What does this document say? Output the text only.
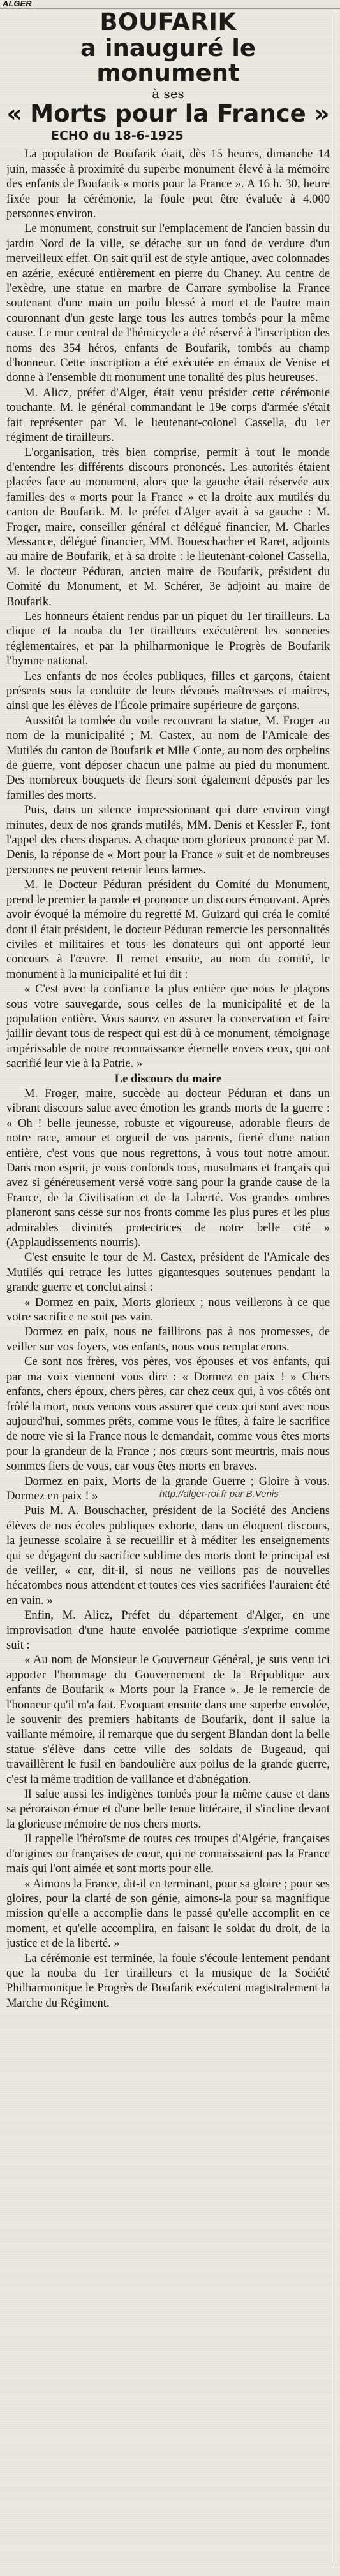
ALGER
BOUFARIK
a inauguré le monument
à ses
« Morts pour la France »
ECHO du 18-6-1925

La population de Boufarik était, dès 15 heures, dimanche 14 juin, massée à proximité du superbe monument élevé à la mémoire des enfants de Boufarik « morts pour la France ». A 16 h. 30, heure fixée pour la cérémonie, la foule peut être évaluée à 4.000 personnes environ.

Le monument, construit sur l'emplacement de l'ancien bassin du jardin Nord de la ville, se détache sur un fond de verdure d'un merveilleux effet. On sait qu'il est de style antique, avec colonnades en azérie, exécuté entièrement en pierre du Chaney. Au centre de l'exèdre, une statue en marbre de Carrare symbolise la France soutenant d'une main un poilu blessé à mort et de l'autre main couronnant d'un geste large tous les autres tombés pour la même cause. Le mur central de l'hémicycle a été réservé à l'inscription des noms des 354 héros, enfants de Boufarik, tombés au champ d'honneur. Cette inscription a été exécutée en émaux de Venise et donne à l'ensemble du monument une tonalité des plus heureuses.

M. Alicz, préfet d'Alger, était venu présider cette cérémonie touchante. M. le général commandant le 19e corps d'armée s'était fait représenter par M. le lieutenant-colonel Cassella, du 1er régiment de tirailleurs.

L'organisation, très bien comprise, permit à tout le monde d'entendre les différents discours prononcés. Les autorités étaient placées face au monument, alors que la gauche était réservée aux familles des « morts pour la France » et la droite aux mutilés du canton de Boufarik. M. le préfet d'Alger avait à sa gauche : M. Froger, maire, conseiller général et délégué financier, M. Charles Messance, délégué financier, MM. Boueschacher et Raret, adjoints au maire de Boufarik, et à sa droite : le lieutenant-colonel Cassella, M. le docteur Péduran, ancien maire de Boufarik, président du Comité du Monument, et M. Schérer, 3e adjoint au maire de Boufarik.

Les honneurs étaient rendus par un piquet du 1er tirailleurs. La clique et la nouba du 1er tirailleurs exécutèrent les sonneries réglementaires, et par la philharmonique le Progrès de Boufarik l'hymne national.

Les enfants de nos écoles publiques, filles et garçons, étaient présents sous la conduite de leurs dévoués maîtresses et maîtres, ainsi que les élèves de l'École primaire supérieure de garçons.

Aussitôt la tombée du voile recouvrant la statue, M. Froger au nom de la municipalité ; M. Castex, au nom de l'Amicale des Mutilés du canton de Boufarik et Mlle Conte, au nom des orphelins de guerre, vont déposer chacun une palme au pied du monument. Des nombreux bouquets de fleurs sont également déposés par les familles des morts.

Puis, dans un silence impressionnant qui dure environ vingt minutes, deux de nos grands mutilés, MM. Denis et Kessler F., font l'appel des chers disparus. A chaque nom glorieux prononcé par M. Denis, la réponse de « Mort pour la France » suit et de nombreuses personnes ne peuvent retenir leurs larmes.

M. le Docteur Péduran président du Comité du Monument, prend le premier la parole et prononce un discours émouvant. Après avoir évoqué la mémoire du regretté M. Guizard qui créa le comité dont il était président, le docteur Péduran remercie les personnalités civiles et militaires et tous les donateurs qui ont apporté leur concours à l'œuvre. Il remet ensuite, au nom du comité, le monument à la municipalité et lui dit :

« C'est avec la confiance la plus entière que nous le plaçons sous votre sauvegarde, sous celles de la municipalité et de la population entière. Vous saurez en assurer la conservation et faire jaillir devant tous de respect qui est dû à ce monument, témoignage impérissable de notre reconnaissance éternelle envers ceux, qui ont sacrifié leur vie à la Patrie. »

Le discours du maire

M. Froger, maire, succède au docteur Péduran et dans un vibrant discours salue avec émotion les grands morts de la guerre : « Oh ! belle jeunesse, robuste et vigoureuse, adorable fleurs de notre race, amour et orgueil de vos parents, fierté d'une nation entière, c'est vous que nous regrettons, à vous tout notre amour. Dans mon esprit, je vous confonds tous, musulmans et français qui avez si généreusement versé votre sang pour la grande cause de la France, de la Civilisation et de la Liberté. Vos grandes ombres planeront sans cesse sur nos fronts comme les plus pures et les plus admirables divinités protectrices de notre belle cité » (Applaudissements nourris).

C'est ensuite le tour de M. Castex, président de l'Amicale des Mutilés qui retrace les luttes gigantesques soutenues pendant la grande guerre et conclut ainsi :

« Dormez en paix, Morts glorieux ; nous veillerons à ce que votre sacrifice ne soit pas vain.

Dormez en paix, nous ne faillirons pas à nos promesses, de veiller sur vos foyers, vos enfants, nous vous remplacerons.

Ce sont nos frères, vos pères, vos épouses et vos enfants, qui par ma voix viennent vous dire : « Dormez en paix ! » Chers enfants, chers époux, chers pères, car chez ceux qui, à vos côtés ont frôlé la mort, nous venons vous assurer que ceux qui sont avec nous aujourd'hui, sommes prêts, comme vous le fûtes, à faire le sacrifice de notre vie si la France nous le demandait, comme vous êtes morts pour la grandeur de la France ; nos cœurs sont meurtris, mais nous sommes fiers de vous, car vous êtes morts en braves.

Dormez en paix, Morts de la grande Guerre ; Gloire à vous. Dormez en paix ! »

Puis M. A. Bouschacher, président de la Société des Anciens élèves de nos écoles publiques exhorte, dans un éloquent discours, la jeunesse scolaire à se recueillir et à méditer les enseignements qui se dégagent du sacrifice sublime des morts dont le principal est de veiller, « car, dit-il, si nous ne veillons pas de nouvelles hécatombes nous attendent et toutes ces vies sacrifiées l'auraient été en vain. »

Enfin, M. Alicz, Préfet du département d'Alger, en une improvisation d'une haute envolée patriotique s'exprime comme suit :

« Au nom de Monsieur le Gouverneur Général, je suis venu ici apporter l'hommage du Gouvernement de la République aux enfants de Boufarik « Morts pour la France ». Je le remercie de l'honneur qu'il m'a fait. Evoquant ensuite dans une superbe envolée, le souvenir des premiers habitants de Boufarik, dont il salue la vaillante mémoire, il remarque que du sergent Blandan dont la belle statue s'élève dans cette ville des soldats de Bugeaud, qui travaillèrent le fusil en bandoulière aux poilus de la grande guerre, c'est la même tradition de vaillance et d'abnégation.

Il salue aussi les indigènes tombés pour la même cause et dans sa péroraison émue et d'une belle tenue littéraire, il s'incline devant la glorieuse mémoire de nos chers morts.

Il rappelle l'héroïsme de toutes ces troupes d'Algérie, françaises d'origines ou françaises de cœur, qui ne connaissaient pas la France mais qui l'ont aimée et sont morts pour elle.

« Aimons la France, dit-il en terminant, pour sa gloire ; pour ses gloires, pour la clarté de son génie, aimons-la pour sa magnifique mission qu'elle a accomplie dans le passé qu'elle accomplit en ce moment, et qu'elle accomplira, en faisant le soldat du droit, de la justice et de la liberté. »

La cérémonie est terminée, la foule s'écoule lentement pendant que la nouba du 1er tirailleurs et la musique de la Société Philharmonique le Progrès de Boufarik exécutent magistralement la Marche du Régiment.

http://alger-roi.fr par B.Venis
